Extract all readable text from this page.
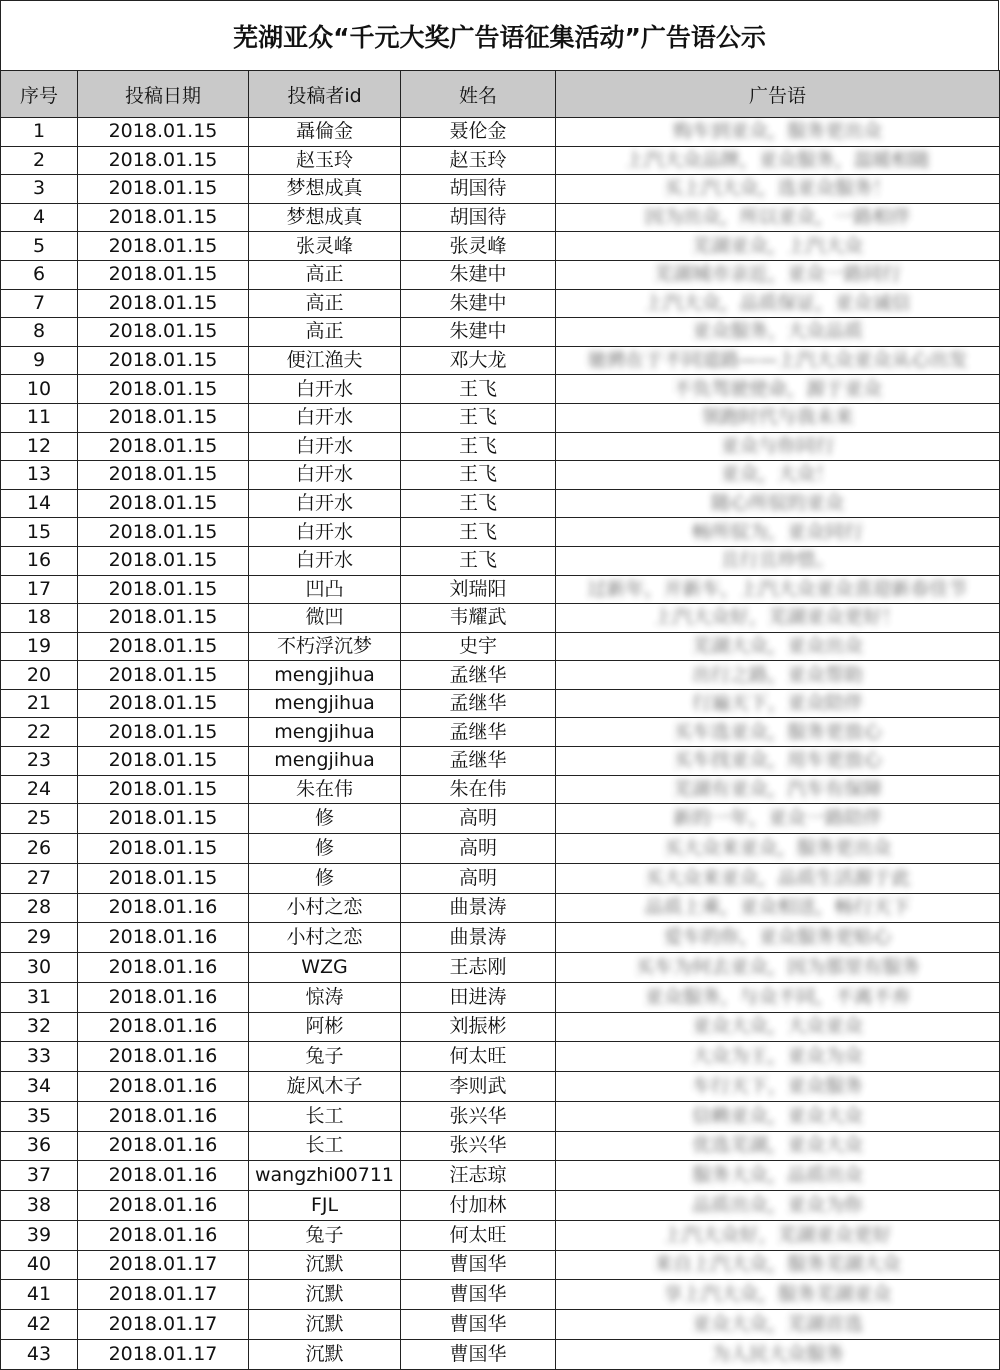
芜湖亚众“千元大奖广告语征集活动”广告语公示
序号	投稿日期	投稿者id	姓名	广告语
1	2018.01.15	聶倫金	聂伦金	购车到亚众，服务更出众
2	2018.01.15	赵玉玲	赵玉玲	上汽大众品牌，亚众服务，温暖相随
3	2018.01.15	梦想成真	胡国待	买上汽大众，选亚众服务！
4	2018.01.15	梦想成真	胡国待	因为出众，所以亚众，一路相伴
5	2018.01.15	张灵峰	张灵峰	芜湖亚众，上汽大众
6	2018.01.15	高正	朱建中	芜湖城市亲近，亚众一路同行
7	2018.01.15	高正	朱建中	上汽大众，品质保证，亚众诚信
8	2018.01.15	高正	朱建中	亚众服务，大众品质
9	2018.01.15	便江渔夫	邓大龙	驰骋在于不同道路——上汽大众亚众从心出发
10	2018.01.15	白开水	王飞	不负驾驶使命，源于亚众
11	2018.01.15	白开水	王飞	领跑时代与我未来
12	2018.01.15	白开水	王飞	亚众与你同行
13	2018.01.15	白开水	王飞	亚众，大众！
14	2018.01.15	白开水	王飞	随心所驭的亚众
15	2018.01.15	白开水	王飞	畅所驭为，亚众同行
16	2018.01.15	白开水	王飞	且行且珍惜。
17	2018.01.15	凹凸	刘瑞阳	过新年，开新车，上汽大众亚众喜迎新春佳节
18	2018.01.15	微凹	韦耀武	上汽大众好，芜湖亚众更好！
19	2018.01.15	不朽浮沉梦	史宇	芜湖大众，亚众出众
20	2018.01.15	mengjihua	孟继华	出行之路，亚众帮助
21	2018.01.15	mengjihua	孟继华	行遍天下，亚众陪伴
22	2018.01.15	mengjihua	孟继华	买车选亚众，服务更放心
23	2018.01.15	mengjihua	孟继华	买车找亚众，用车更放心
24	2018.01.15	朱在伟	朱在伟	芜湖有亚众，汽车有保障
25	2018.01.15	修	高明	新的一年，亚众一路陪伴
26	2018.01.15	修	高明	买大众来亚众，服务更出众
27	2018.01.15	修	高明	买大众来亚众，品质生活源于此
28	2018.01.16	小村之恋	曲景涛	品质上乘，亚众相送，畅行天下
29	2018.01.16	小村之恋	曲景涛	爱车的你，亚众服务更贴心
30	2018.01.16	WZG	王志刚	买车为何去亚众，因为那里有服务
31	2018.01.16	惊涛	田进涛	亚众服务，与众不同，不离不弃
32	2018.01.16	阿彬	刘振彬	亚众大众，大众亚众
33	2018.01.16	兔子	何太旺	大众为王，亚众为众
34	2018.01.16	旋风木子	李则武	车行天下，亚众服务
35	2018.01.16	长工	张兴华	信赖亚众，亚众大众
36	2018.01.16	长工	张兴华	优选芜湖，亚众大众
37	2018.01.16	wangzhi00711	汪志琼	服务大众，品质出众
38	2018.01.16	FJL	付加林	品质出众，亚众为你
39	2018.01.16	兔子	何太旺	上汽大众好，芜湖亚众更好
40	2018.01.17	沉默	曹国华	来自上汽大众，服务芜湖大众
41	2018.01.17	沉默	曹国华	享上汽大众，服务芜湖亚众
42	2018.01.17	沉默	曹国华	亚众大众，芜湖首选
43	2018.01.17	沉默	曹国华	为人民大众服务
